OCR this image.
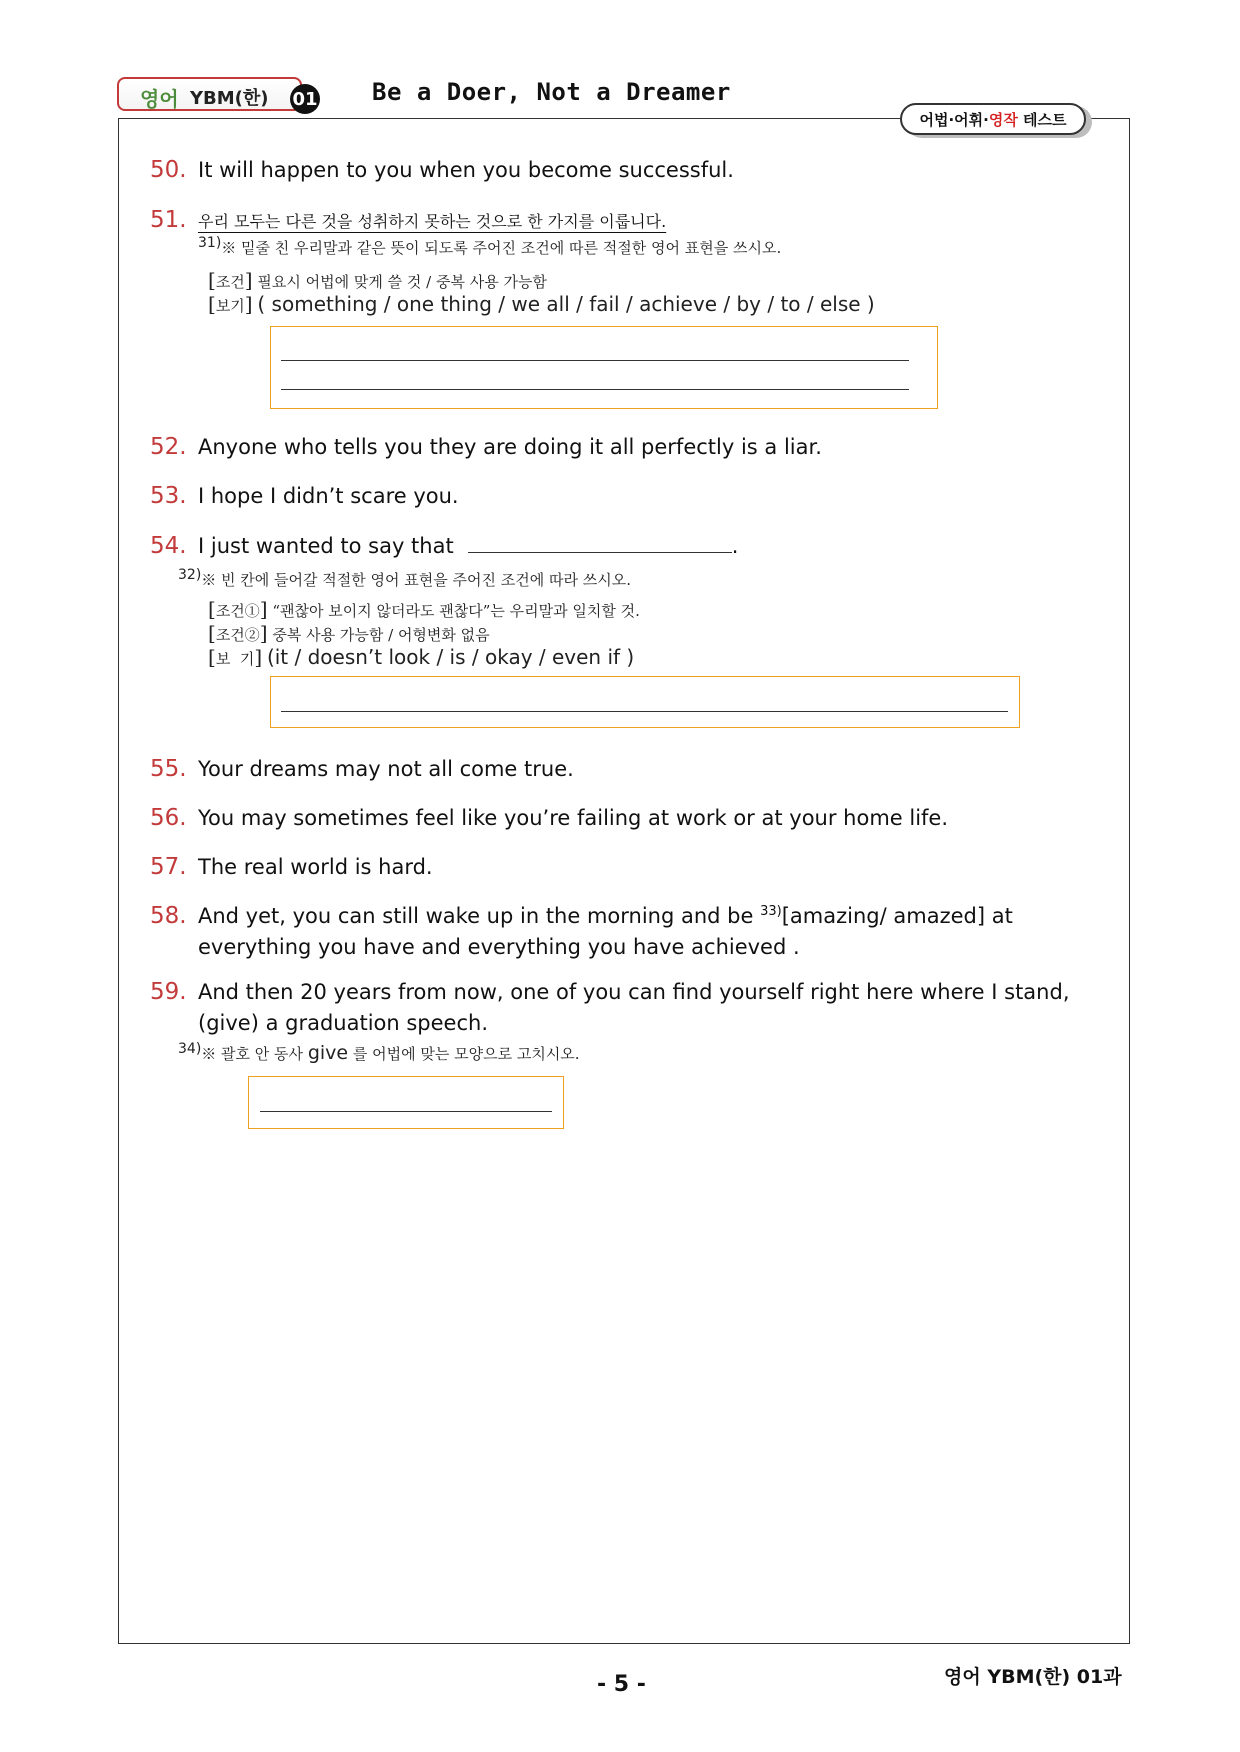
영어 YBM(한) 01 Be a Doer, Not a Dreamer
어법·어휘· 영작 테스트
50. It will happen to you when you become successful.
51. 우리 모두는 다른 것을 성취하지 못하는 것으로 한 가지를 이룹니다.
31)※ 밑줄 친 우리말과 같은 뜻이 되도록 주어진 조건에 따른 적절한 영어 표현을 쓰시오.
[조건] 필요시 어법에 맞게 쓸 것 / 중복 사용 가능함
[보기] ( something / one thing / we all / fail / achieve / by / to / else )
52. Anyone who tells you they are doing it all perfectly is a liar.
53. I hope I didn’t scare you.
54. I just wanted to say that	.
32)※ 빈 칸에 들어갈 적절한 영어 표현을 주어진 조건에 따라 쓰시오.
[조건①] “괜찮아 보이지 않더라도 괜찮다”는 우리말과 일치할 것.
[조건②] 중복 사용 가능함 / 어형변화 없음
[보  기] (it / doesn’t look / is / okay / even if )
55. Your dreams may not all come true.
56. You may sometimes feel like you’re failing at work or at your home life.
57. The real world is hard.
58. And yet, you can still wake up in the morning and be $^{33)}$[amazing/ amazed] at
everything you have and everything you have achieved .
59. And then 20 years from now, one of you can find yourself right here where I stand,
(give) a graduation speech.
34)※ 괄호 안 동사 give 를 어법에 맞는 모양으로 고치시오.
- 5 -	영어 YBM(한) 01과
